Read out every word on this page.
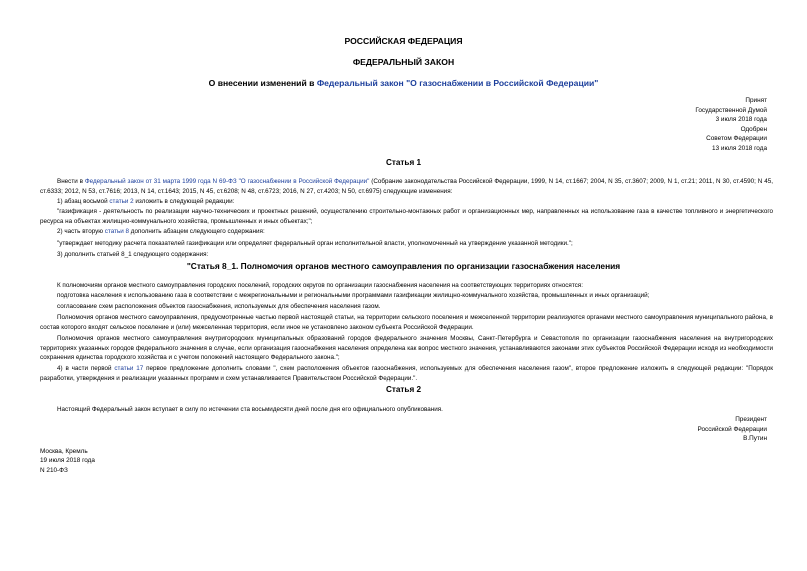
РОССИЙСКАЯ ФЕДЕРАЦИЯ
ФЕДЕРАЛЬНЫЙ ЗАКОН
О внесении изменений в Федеральный закон "О газоснабжении в Российской Федерации"
Принят
Государственной Думой
3 июля 2018 года
Одобрен
Советом Федерации
13 июля 2018 года
Статья 1
Внести в Федеральный закон от 31 марта 1999 года N 69-ФЗ "О газоснабжении в Российской Федерации" (Собрание законодательства Российской Федерации, 1999, N 14, ст.1667; 2004, N 35, ст.3607; 2009, N 1, ст.21; 2011, N 30, ст.4590; N 45, ст.6333; 2012, N 53, ст.7616; 2013, N 14, ст.1643; 2015, N 45, ст.6208; N 48, ст.6723; 2016, N 27, ст.4203; N 50, ст.6975) следующие изменения:
1) абзац восьмой статьи 2 изложить в следующей редакции:
"газификация - деятельность по реализации научно-технических и проектных решений, осуществлению строительно-монтажных работ и организационных мер, направленных на использование газа в качестве топливного и энергетического ресурса на объектах жилищно-коммунального хозяйства, промышленных и иных объектах;";
2) часть вторую статьи 8 дополнить абзацем следующего содержания:
"утверждает методику расчета показателей газификации или определяет федеральный орган исполнительной власти, уполномоченный на утверждение указанной методики.";
3) дополнить статьей 8_1 следующего содержания:
"Статья 8_1. Полномочия органов местного самоуправления по организации газоснабжения населения
К полномочиям органов местного самоуправления городских поселений, городских округов по организации газоснабжения населения на соответствующих территориях относятся:
подготовка населения к использованию газа в соответствии с межрегиональными и региональными программами газификации жилищно-коммунального хозяйства, промышленных и иных организаций;
согласование схем расположения объектов газоснабжения, используемых для обеспечения населения газом.
Полномочия органов местного самоуправления, предусмотренные частью первой настоящей статьи, на территории сельского поселения и межселенной территории реализуются органами местного самоуправления муниципального района, в состав которого входят сельское поселение и (или) межселенная территория, если иное не установлено законом субъекта Российской Федерации.
Полномочия органов местного самоуправления внутригородских муниципальных образований городов федерального значения Москвы, Санкт-Петербурга и Севастополя по организации газоснабжения населения на внутригородских территориях указанных городов федерального значения в случае, если организация газоснабжения населения определена как вопрос местного значения, устанавливаются законами этих субъектов Российской Федерации исходя из необходимости сохранения единства городского хозяйства и с учетом положений настоящего Федерального закона.";
4) в части первой статьи 17 первое предложение дополнить словами ", схем расположения объектов газоснабжения, используемых для обеспечения населения газом", второе предложение изложить в следующей редакции: "Порядок разработки, утверждения и реализации указанных программ и схем устанавливается Правительством Российской Федерации.".
Статья 2
Настоящий Федеральный закон вступает в силу по истечении ста восьмидесяти дней после дня его официального опубликования.
Президент
Российской Федерации
В.Путин
Москва, Кремль
19 июля 2018 года
N 210-ФЗ
